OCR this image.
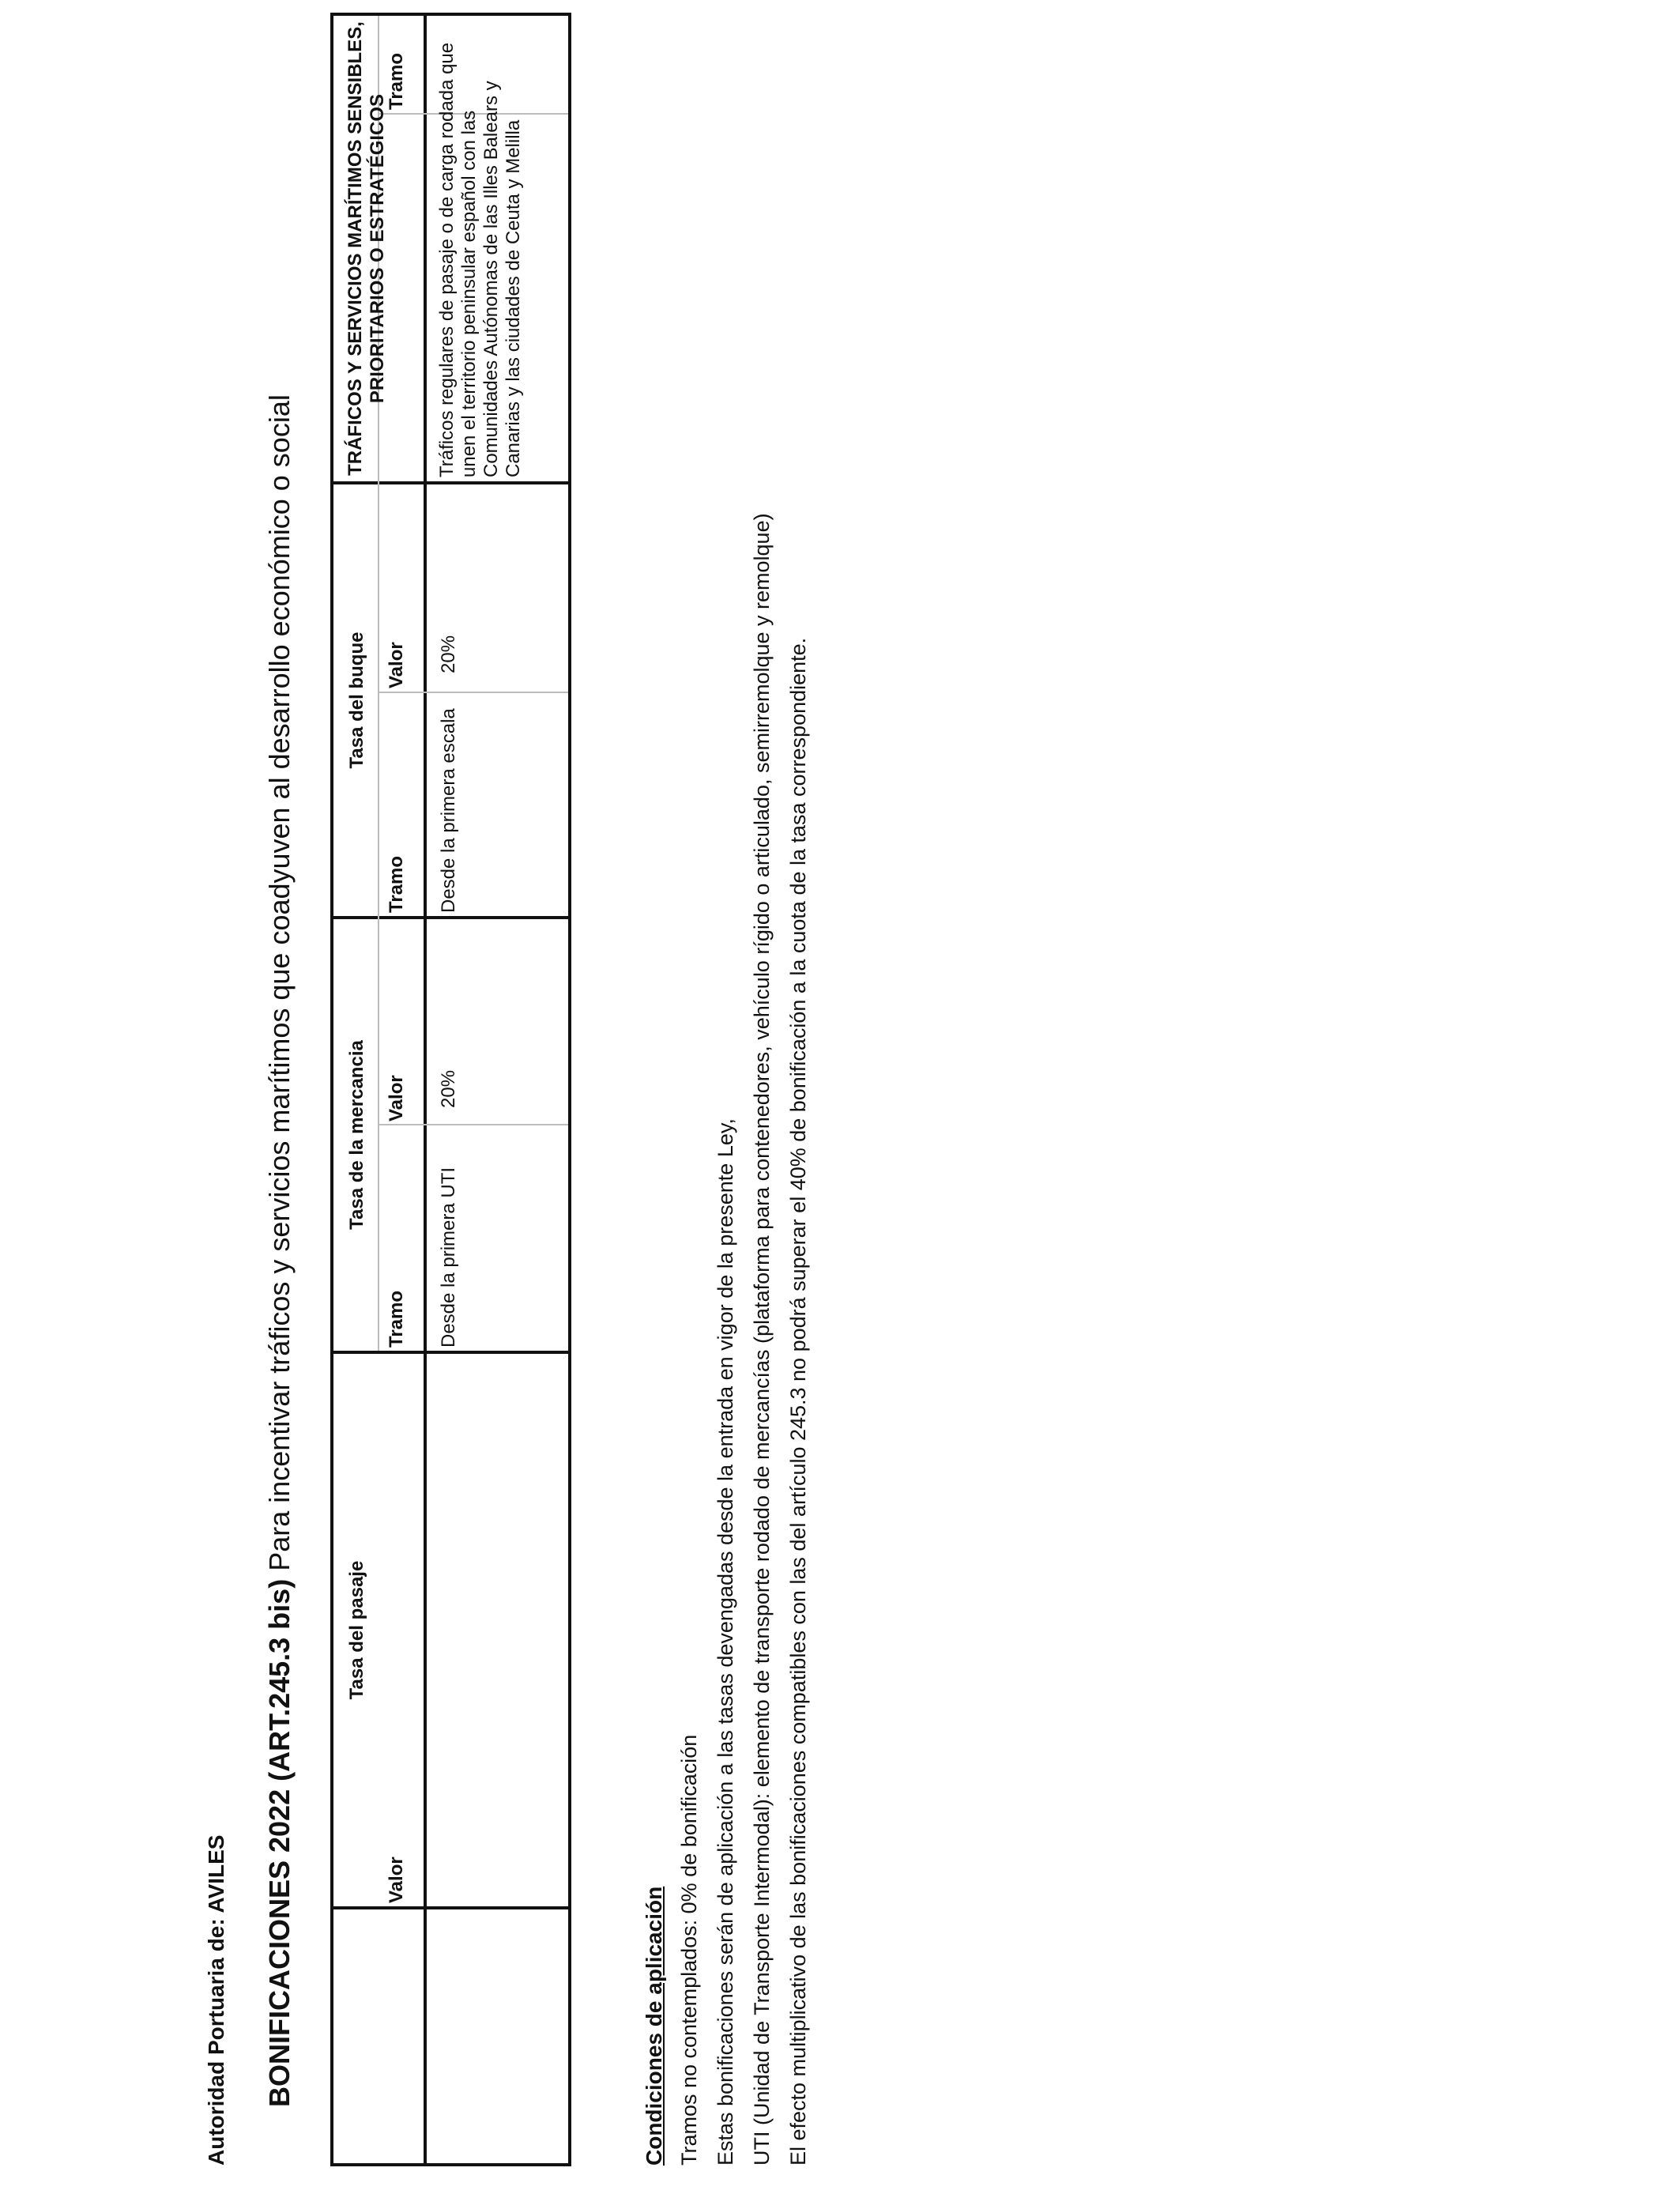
Autoridad Portuaria de: AVILES BONIFICACIONES 2022 (ART.245.3 bis) Para incentivar tráficos y servicios marítimos que coadyuven al desarrollo económico o social
TRÁFICOS Y SERVICIOS MARÍTIMOS SENSIBLES, PRIORITARIOS O ESTRATÉGICOS
Tasa del buque
Tasa de la mercancia
Tasa del pasaje
Tramo
Valor
Tramo
Valor
Tramo
Valor
Tráficos regulares de pasaje o de carga rodada que unen el territorio peninsular español con las Comunidades Autónomas de las Illes Balears y Canarias y las ciudades de Ceuta y Melilla
Desde la primera escala
20%
Desde la primera UTI
20%
Condiciones de aplicación Tramos no contemplados: 0% de bonificación Estas bonificaciones serán de aplicación a las tasas devengadas desde la entrada en vigor de la presente Ley, UTI (Unidad de Transporte Intermodal): elemento de transporte rodado de mercancías (plataforma para contenedores, vehículo rígido o articulado, semirremolque y remolque) El efecto multiplicativo de las bonificaciones compatibles con las del artículo 245.3 no podrá superar el 40% de bonificación a la cuota de la tasa correspondiente.
